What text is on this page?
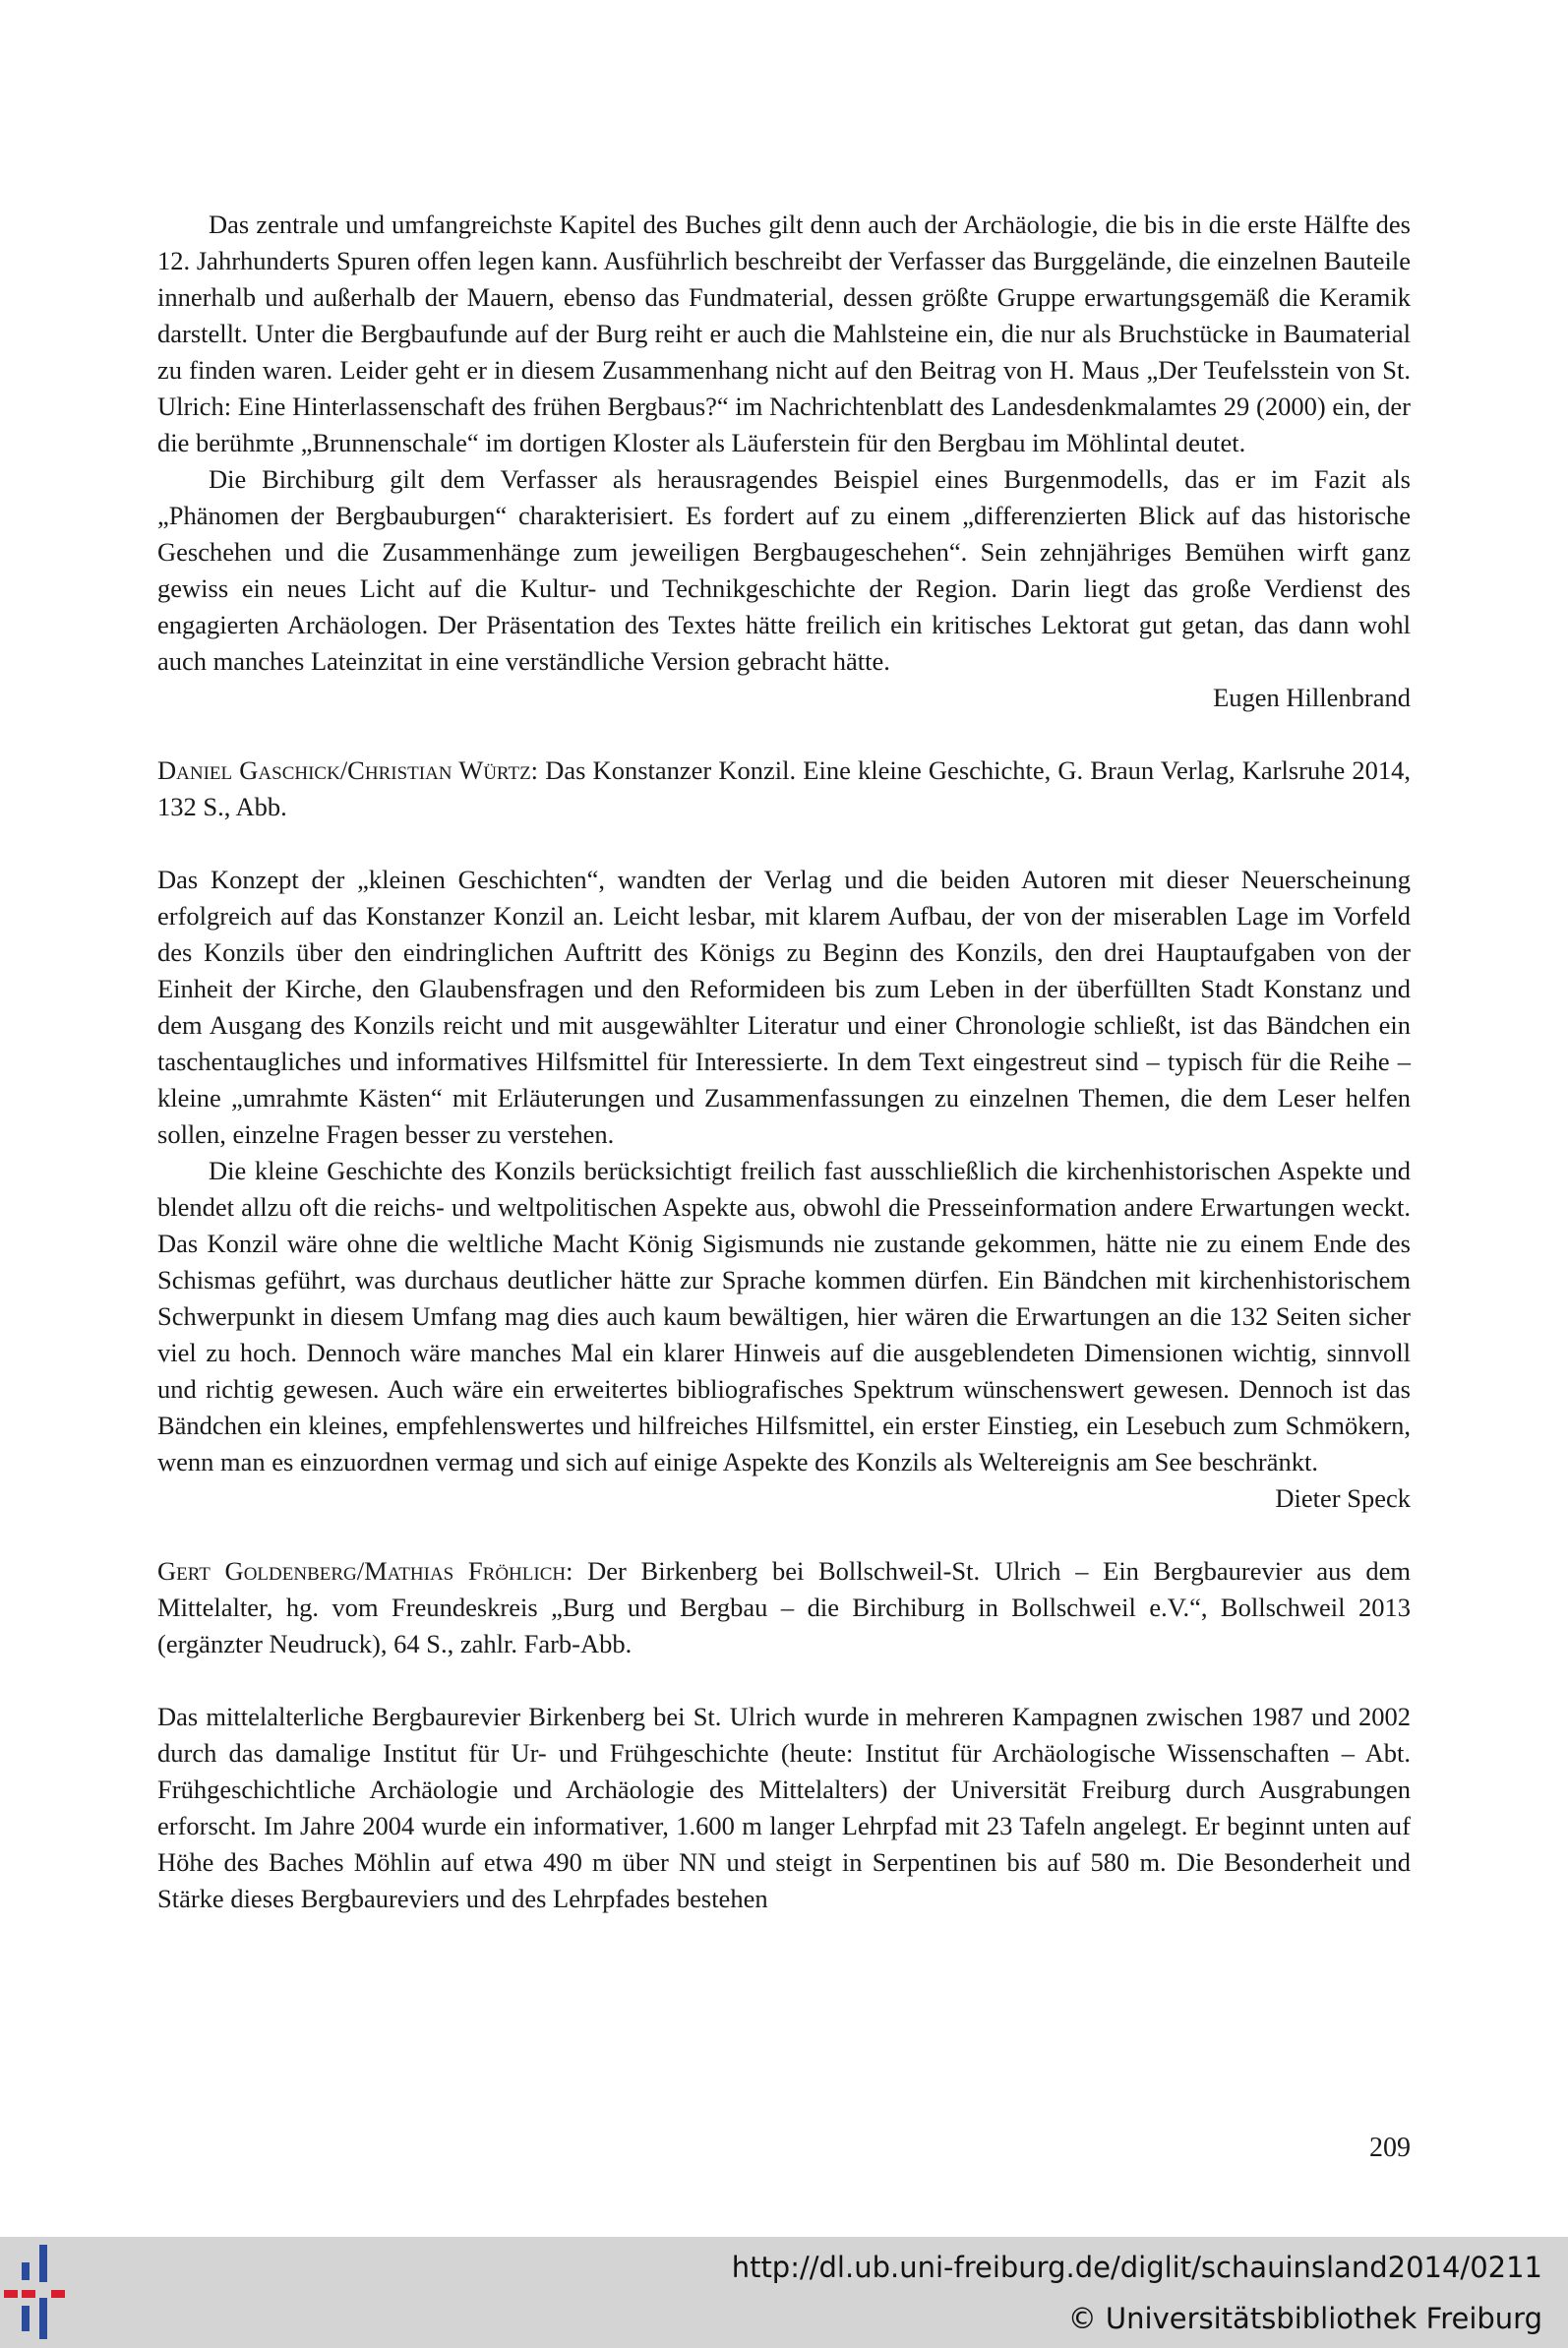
Das zentrale und umfangreichste Kapitel des Buches gilt denn auch der Archäologie, die bis in die erste Hälfte des 12. Jahrhunderts Spuren offen legen kann. Ausführlich beschreibt der Verfasser das Burggelände, die einzelnen Bauteile innerhalb und außerhalb der Mauern, ebenso das Fundmaterial, dessen größte Gruppe erwartungsgemäß die Keramik darstellt. Unter die Bergbaufunde auf der Burg reiht er auch die Mahlsteine ein, die nur als Bruchstücke in Baumaterial zu finden waren. Leider geht er in diesem Zusammenhang nicht auf den Beitrag von H. Maus „Der Teufelsstein von St. Ulrich: Eine Hinterlassenschaft des frühen Bergbaus?“ im Nachrichtenblatt des Landesdenkmalamtes 29 (2000) ein, der die berühmte „Brunnenschale“ im dortigen Kloster als Läuferstein für den Bergbau im Möhlintal deutet.

Die Birchiburg gilt dem Verfasser als herausragendes Beispiel eines Burgenmodells, das er im Fazit als „Phänomen der Bergbauburgen“ charakterisiert. Es fordert auf zu einem „differenzierten Blick auf das historische Geschehen und die Zusammenhänge zum jeweiligen Bergbaugeschehen“. Sein zehnjähriges Bemühen wirft ganz gewiss ein neues Licht auf die Kultur- und Technikgeschichte der Region. Darin liegt das große Verdienst des engagierten Archäologen. Der Präsentation des Textes hätte freilich ein kritisches Lektorat gut getan, das dann wohl auch manches Lateinzitat in eine verständliche Version gebracht hätte.

Eugen Hillenbrand

Daniel Gaschick/Christian Würtz: Das Konstanzer Konzil. Eine kleine Geschichte, G. Braun Verlag, Karlsruhe 2014, 132 S., Abb.

Das Konzept der „kleinen Geschichten“, wandten der Verlag und die beiden Autoren mit dieser Neuerscheinung erfolgreich auf das Konstanzer Konzil an. Leicht lesbar, mit klarem Aufbau, der von der miserablen Lage im Vorfeld des Konzils über den eindringlichen Auftritt des Königs zu Beginn des Konzils, den drei Hauptaufgaben von der Einheit der Kirche, den Glaubensfragen und den Reformideen bis zum Leben in der überfüllten Stadt Konstanz und dem Ausgang des Konzils reicht und mit ausgewählter Literatur und einer Chronologie schließt, ist das Bändchen ein taschentaugliches und informatives Hilfsmittel für Interessierte. In dem Text eingestreut sind – typisch für die Reihe – kleine „umrahmte Kästen“ mit Erläuterungen und Zusammenfassungen zu einzelnen Themen, die dem Leser helfen sollen, einzelne Fragen besser zu verstehen.

Die kleine Geschichte des Konzils berücksichtigt freilich fast ausschließlich die kirchenhistorischen Aspekte und blendet allzu oft die reichs- und weltpolitischen Aspekte aus, obwohl die Presseinformation andere Erwartungen weckt. Das Konzil wäre ohne die weltliche Macht König Sigismunds nie zustande gekommen, hätte nie zu einem Ende des Schismas geführt, was durchaus deutlicher hätte zur Sprache kommen dürfen. Ein Bändchen mit kirchenhistorischem Schwerpunkt in diesem Umfang mag dies auch kaum bewältigen, hier wären die Erwartungen an die 132 Seiten sicher viel zu hoch. Dennoch wäre manches Mal ein klarer Hinweis auf die ausgeblendeten Dimensionen wichtig, sinnvoll und richtig gewesen. Auch wäre ein erweitertes bibliografisches Spektrum wünschenswert gewesen. Dennoch ist das Bändchen ein kleines, empfehlenswertes und hilfreiches Hilfsmittel, ein erster Einstieg, ein Lesebuch zum Schmökern, wenn man es einzuordnen vermag und sich auf einige Aspekte des Konzils als Weltereignis am See beschränkt.

Dieter Speck

Gert Goldenberg/Mathias Fröhlich: Der Birkenberg bei Bollschweil-St. Ulrich – Ein Bergbaurevier aus dem Mittelalter, hg. vom Freundeskreis „Burg und Bergbau – die Birchiburg in Bollschweil e.V.“, Bollschweil 2013 (ergänzter Neudruck), 64 S., zahlr. Farb-Abb.

Das mittelalterliche Bergbaurevier Birkenberg bei St. Ulrich wurde in mehreren Kampagnen zwischen 1987 und 2002 durch das damalige Institut für Ur- und Frühgeschichte (heute: Institut für Archäologische Wissenschaften – Abt. Frühgeschichtliche Archäologie und Archäologie des Mittelalters) der Universität Freiburg durch Ausgrabungen erforscht. Im Jahre 2004 wurde ein informativer, 1.600 m langer Lehrpfad mit 23 Tafeln angelegt. Er beginnt unten auf Höhe des Baches Möhlin auf etwa 490 m über NN und steigt in Serpentinen bis auf 580 m. Die Besonderheit und Stärke dieses Bergbaureviers und des Lehrpfades bestehen

209
http://dl.ub.uni-freiburg.de/diglit/schauinsland2014/0211
© Universitätsbibliothek Freiburg
